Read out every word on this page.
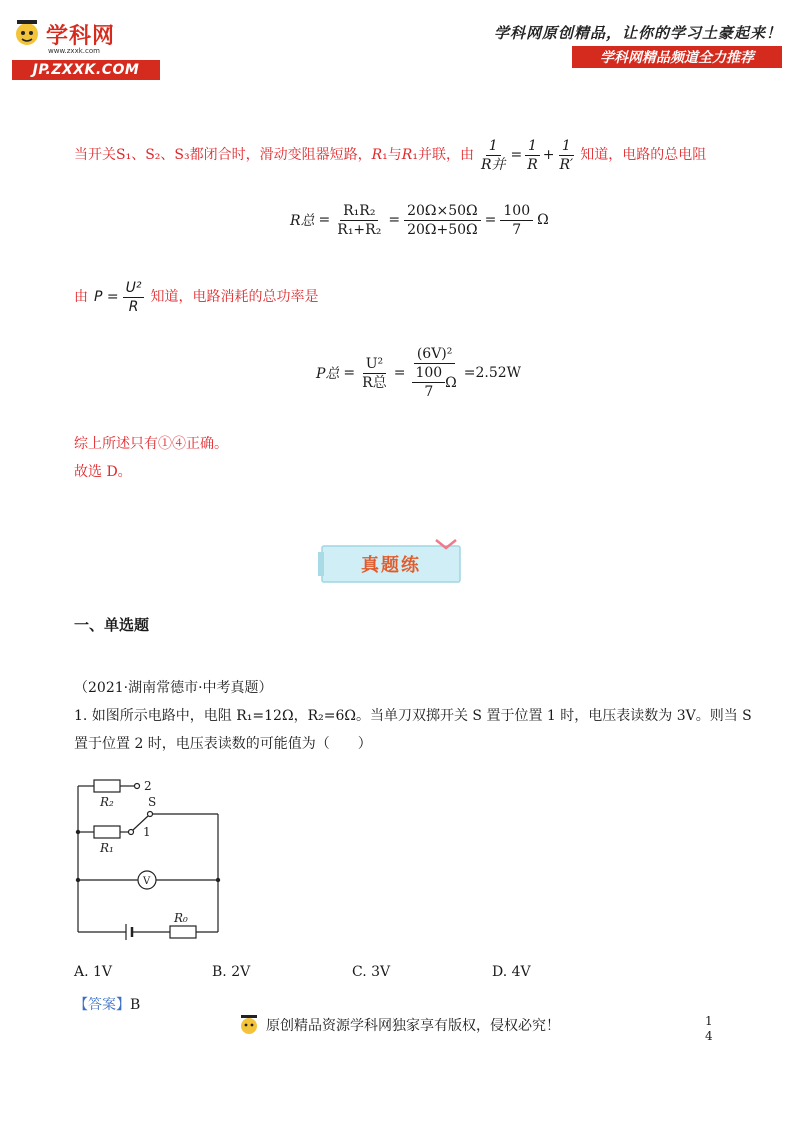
学科网
www.zxxk.com
JP.ZXXK.COM
学科网原创精品，让你的学习土豪起来！
学科网精品频道全力推荐
当开关S₁、S₂、S₃都闭合时，滑动变阻器短路， R ₁与 R ₁并联，由 $\frac{1}{\text{R并}} = \frac{1}{R} + \frac{1}{R'}$ 知道，电路的总电阻
R总 = $\frac{\text{R₁R₂}}{\text{R₁+R₂}} = \frac{20\Omega\times 50\Omega}{20\Omega+50\Omega} = \frac{100}{7}$ Ω
由 $P = \frac{\text{U²}}{R}$ 知道，电路消耗的总功率是
P总 = $\frac{\text{U²}}{\text{R总}} = \frac{\text{(6V)²}}{\frac{100}{7} \Omega} =2.52W$
综上所述只有①④正确。
故选 D。
真题练
一、单选题
（2021·湖南常德市·中考真题）
1. 如图所示电路中，电阻 R₁=12Ω，R₂=6Ω。当单刀双掷开关 S 置于位置 1 时，电压表读数为 3V。则当 S
置于位置 2 时，电压表读数的可能值为（　　）
R₂
R₁
R₀
S
1
2
V
A. 1V	B. 2V	C. 3V	D. 4V
【答案】B
原创精品资源学科网独家享有版权，侵权必究！	1
4
